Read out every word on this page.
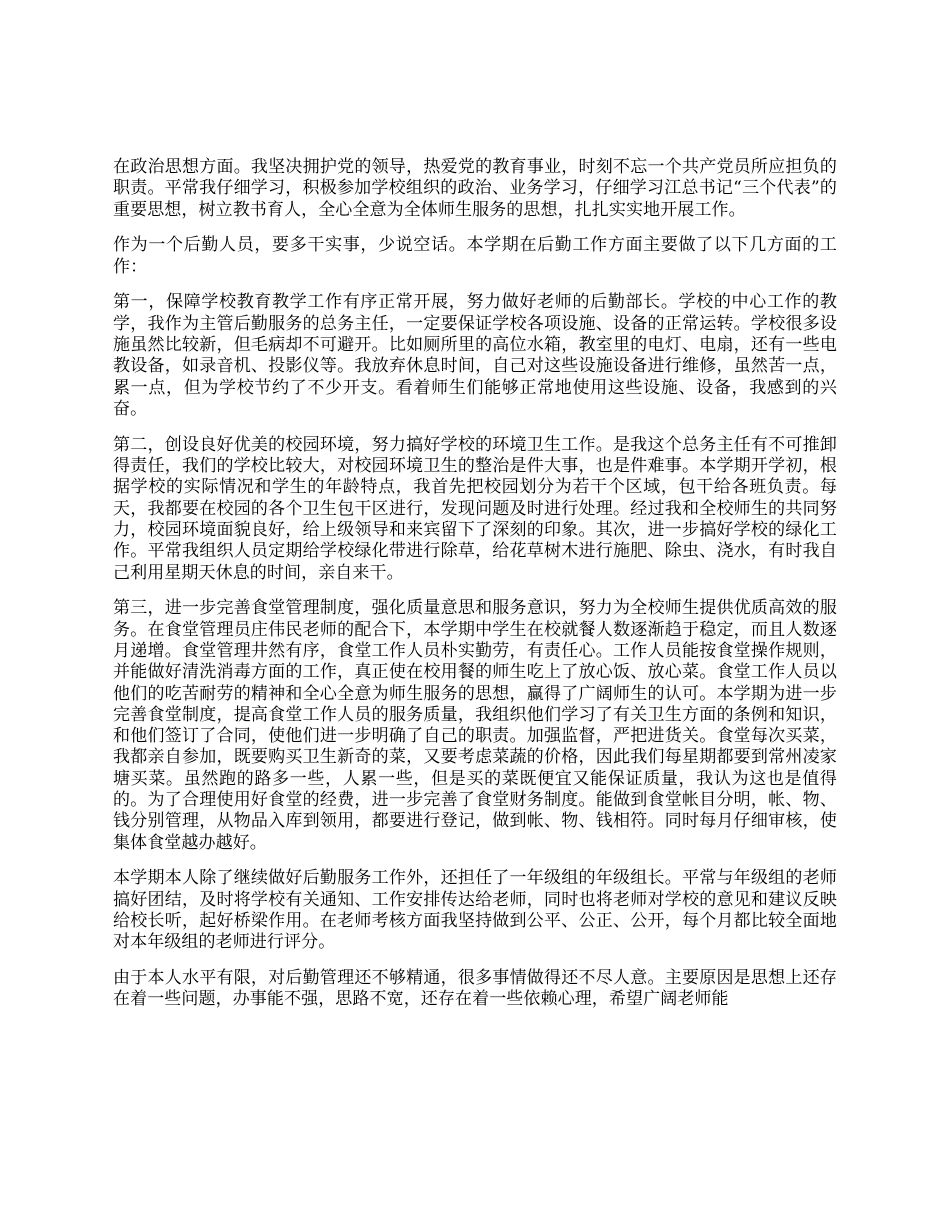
在政治思想方面。我坚决拥护党的领导，热爱党的教育事业，时刻不忘一个共产党员所应担负的职责。平常我仔细学习，积极参加学校组织的政治、业务学习，仔细学习江总书记“三个代表”的重要思想，树立教书育人，全心全意为全体师生服务的思想，扎扎实实地开展工作。

作为一个后勤人员，要多干实事，少说空话。本学期在后勤工作方面主要做了以下几方面的工作：

第一，保障学校教育教学工作有序正常开展，努力做好老师的后勤部长。学校的中心工作的教学，我作为主管后勤服务的总务主任，一定要保证学校各项设施、设备的正常运转。学校很多设施虽然比较新，但毛病却不可避开。比如厕所里的高位水箱，教室里的电灯、电扇，还有一些电教设备，如录音机、投影仪等。我放弃休息时间，自己对这些设施设备进行维修，虽然苦一点，累一点，但为学校节约了不少开支。看着师生们能够正常地使用这些设施、设备，我感到的兴奋。

第二，创设良好优美的校园环境，努力搞好学校的环境卫生工作。是我这个总务主任有不可推卸得责任，我们的学校比较大，对校园环境卫生的整治是件大事，也是件难事。本学期开学初，根据学校的实际情况和学生的年龄特点，我首先把校园划分为若干个区域，包干给各班负责。每天，我都要在校园的各个卫生包干区进行，发现问题及时进行处理。经过我和全校师生的共同努力，校园环境面貌良好，给上级领导和来宾留下了深刻的印象。其次，进一步搞好学校的绿化工作。平常我组织人员定期给学校绿化带进行除草，给花草树木进行施肥、除虫、浇水，有时我自己利用星期天休息的时间，亲自来干。

第三，进一步完善食堂管理制度，强化质量意思和服务意识，努力为全校师生提供优质高效的服务。在食堂管理员庄伟民老师的配合下，本学期中学生在校就餐人数逐渐趋于稳定，而且人数逐月递增。食堂管理井然有序，食堂工作人员朴实勤劳，有责任心。工作人员能按食堂操作规则，并能做好清洗消毒方面的工作，真正使在校用餐的师生吃上了放心饭、放心菜。食堂工作人员以他们的吃苦耐劳的精神和全心全意为师生服务的思想，赢得了广阔师生的认可。本学期为进一步完善食堂制度，提高食堂工作人员的服务质量，我组织他们学习了有关卫生方面的条例和知识，和他们签订了合同，使他们进一步明确了自己的职责。加强监督，严把进货关。食堂每次买菜，我都亲自参加，既要购买卫生新奇的菜，又要考虑菜蔬的价格，因此我们每星期都要到常州凌家塘买菜。虽然跑的路多一些，人累一些，但是买的菜既便宜又能保证质量，我认为这也是值得的。为了合理使用好食堂的经费，进一步完善了食堂财务制度。能做到食堂帐目分明，帐、物、钱分别管理，从物品入库到领用，都要进行登记，做到帐、物、钱相符。同时每月仔细审核，使集体食堂越办越好。

本学期本人除了继续做好后勤服务工作外，还担任了一年级组的年级组长。平常与年级组的老师搞好团结，及时将学校有关通知、工作安排传达给老师，同时也将老师对学校的意见和建议反映给校长听，起好桥梁作用。在老师考核方面我坚持做到公平、公正、公开，每个月都比较全面地对本年级组的老师进行评分。

由于本人水平有限，对后勤管理还不够精通，很多事情做得还不尽人意。主要原因是思想上还存在着一些问题，办事能不强，思路不宽，还存在着一些依赖心理，希望广阔老师能
